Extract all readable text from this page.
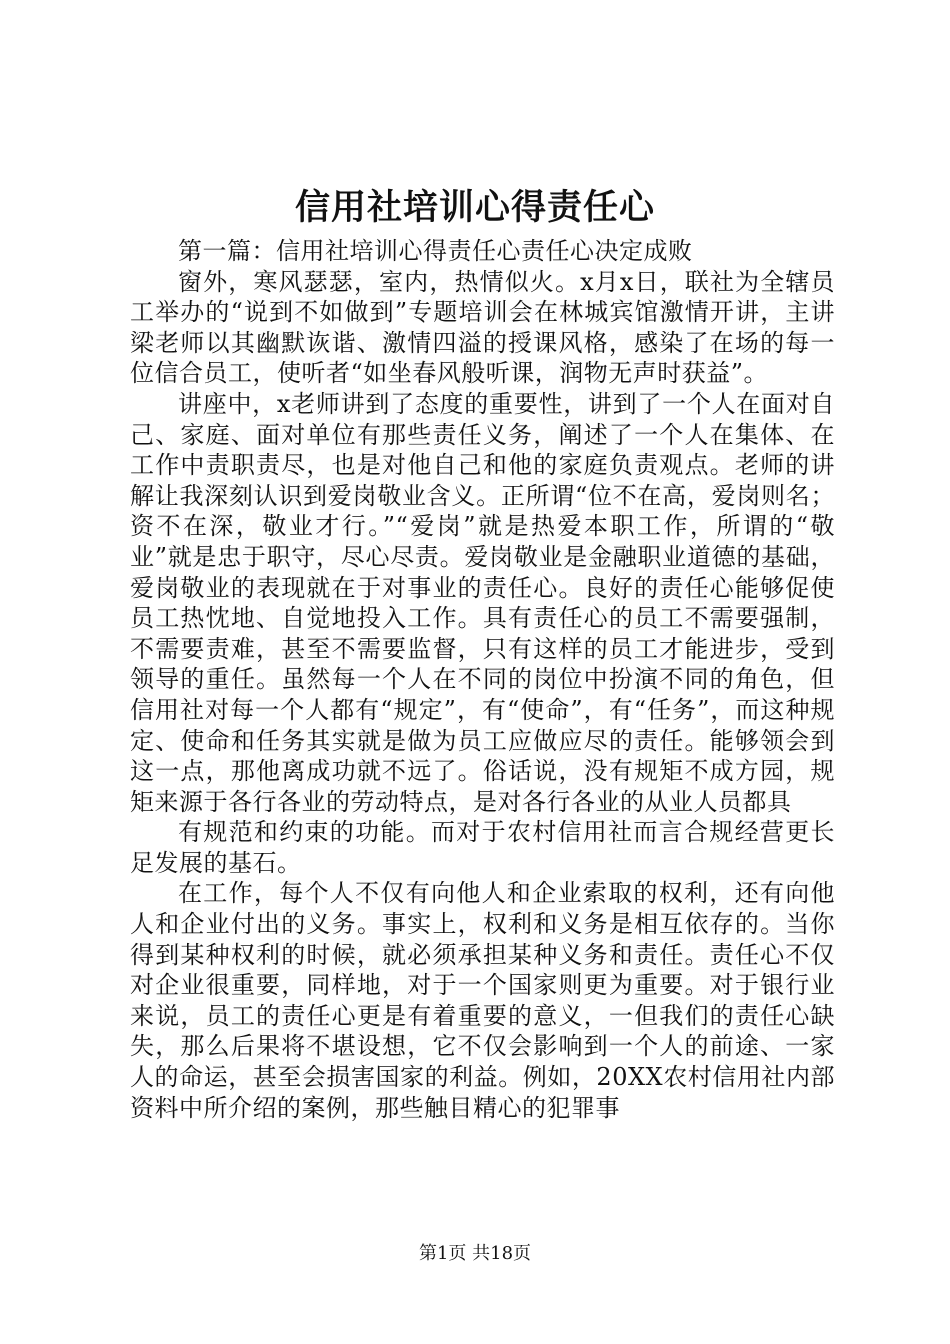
信用社培训心得责任心

第一篇：信用社培训心得责任心责任心决定成败

窗外，寒风瑟瑟，室内，热情似火。x月x日，联社为全辖员工举办的“说到不如做到”专题培训会在林城宾馆激情开讲，主讲梁老师以其幽默诙谐、激情四溢的授课风格，感染了在场的每一位信合员工，使听者“如坐春风般听课，润物无声时获益”。

讲座中，x老师讲到了态度的重要性，讲到了一个人在面对自己、家庭、面对单位有那些责任义务，阐述了一个人在集体、在工作中责职责尽，也是对他自己和他的家庭负责观点。老师的讲解让我深刻认识到爱岗敬业含义。正所谓“位不在高，爱岗则名；资不在深，敬业才行。”“爱岗”就是热爱本职工作，所谓的“敬业”就是忠于职守，尽心尽责。爱岗敬业是金融职业道德的基础，爱岗敬业的表现就在于对事业的责任心。良好的责任心能够促使员工热忱地、自觉地投入工作。具有责任心的员工不需要强制，不需要责难，甚至不需要监督，只有这样的员工才能进步，受到领导的重任。虽然每一个人在不同的岗位中扮演不同的角色，但信用社对每一个人都有“规定”，有“使命”，有“任务”，而这种规定、使命和任务其实就是做为员工应做应尽的责任。能够领会到这一点，那他离成功就不远了。俗话说，没有规矩不成方园，规矩来源于各行各业的劳动特点，是对各行各业的从业人员都具

有规范和约束的功能。而对于农村信用社而言合规经营更长足发展的基石。

在工作，每个人不仅有向他人和企业索取的权利，还有向他人和企业付出的义务。事实上，权利和义务是相互依存的。当你得到某种权利的时候，就必须承担某种义务和责任。责任心不仅对企业很重要，同样地，对于一个国家则更为重要。对于银行业来说，员工的责任心更是有着重要的意义，一但我们的责任心缺失，那么后果将不堪设想，它不仅会影响到一个人的前途、一家人的命运，甚至会损害国家的利益。例如，20XX农村信用社内部资料中所介绍的案例，那些触目精心的犯罪事

第1页 共18页
